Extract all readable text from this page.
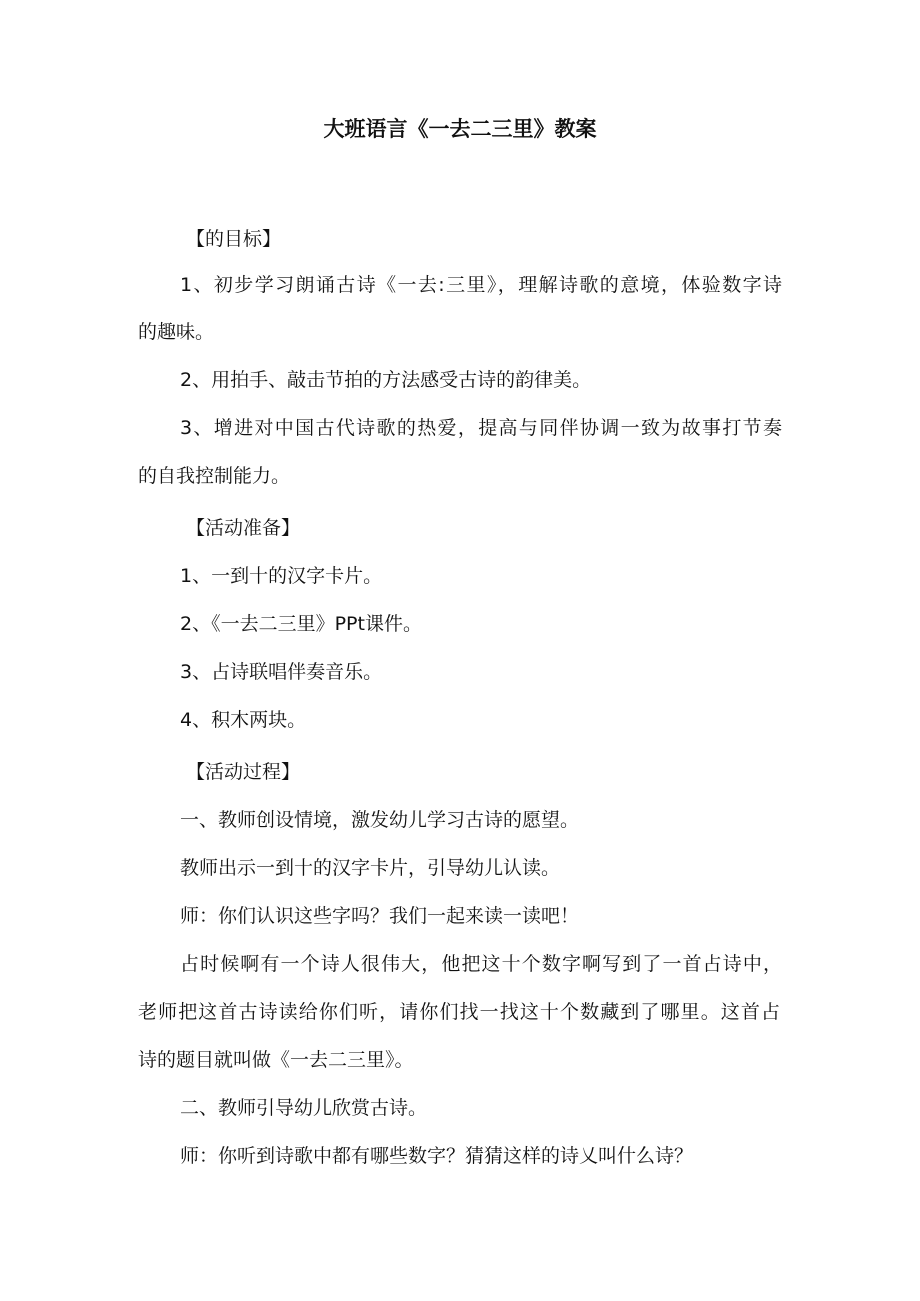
大班语言《一去二三里》教案
【的目标】
1、初步学习朗诵古诗《一去:三里》，理解诗歌的意境，体验数字诗
的趣味。
2、用拍手、敲击节拍的方法感受古诗的韵律美。
3、增进对中国古代诗歌的热爱，提高与同伴协调一致为故事打节奏
的自我控制能力。
【活动准备】
1、一到十的汉字卡片。
2、《一去二三里》PPt课件。
3、占诗联唱伴奏音乐。
4、积木两块。
【活动过程】
一、教师创设情境，激发幼儿学习古诗的愿望。
教师出示一到十的汉字卡片，引导幼儿认读。
师：你们认识这些字吗？我们一起来读一读吧！
占时候啊有一个诗人很伟大，他把这十个数字啊写到了一首占诗中，
老师把这首古诗读给你们听，请你们找一找这十个数藏到了哪里。这首占
诗的题目就叫做《一去二三里》。
二、教师引导幼儿欣赏古诗。
师：你听到诗歌中都有哪些数字？猜猜这样的诗乂叫什么诗？
